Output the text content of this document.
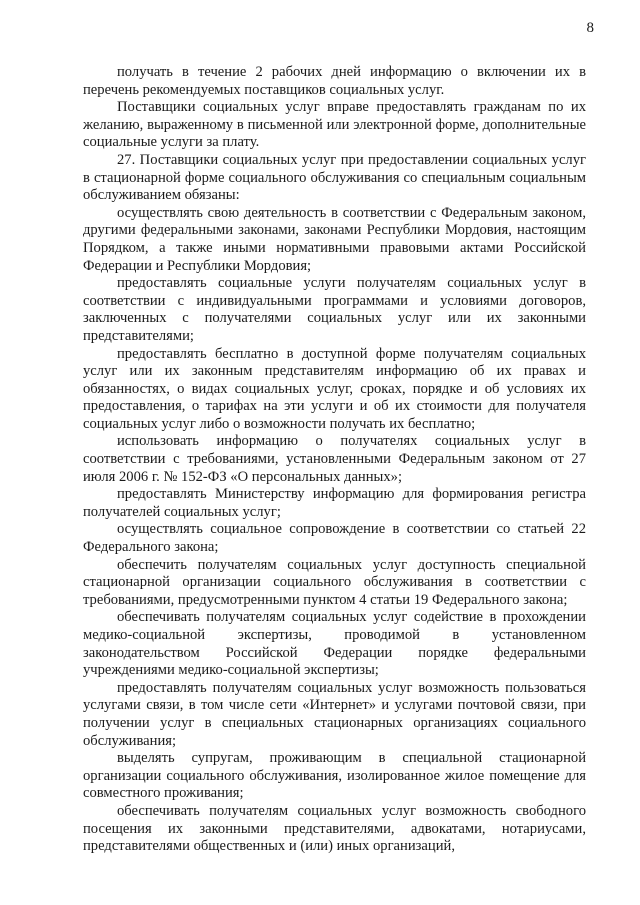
8

получать в течение 2 рабочих дней информацию о включении их в перечень рекомендуемых поставщиков социальных услуг.

Поставщики социальных услуг вправе предоставлять гражданам по их желанию, выраженному в письменной или электронной форме, дополнительные социальные услуги за плату.

27. Поставщики социальных услуг при предоставлении социальных услуг в стационарной форме социального обслуживания со специальным социальным обслуживанием обязаны:

осуществлять свою деятельность в соответствии с Федеральным законом, другими федеральными законами, законами Республики Мордовия, настоящим Порядком, а также иными нормативными правовыми актами Российской Федерации и Республики Мордовия;

предоставлять социальные услуги получателям социальных услуг в соответствии с индивидуальными программами и условиями договоров, заключенных с получателями социальных услуг или их законными представителями;

предоставлять бесплатно в доступной форме получателям социальных услуг или их законным представителям информацию об их правах и обязанностях, о видах социальных услуг, сроках, порядке и об условиях их предоставления, о тарифах на эти услуги и об их стоимости для получателя социальных услуг либо о возможности получать их бесплатно;

использовать информацию о получателях социальных услуг в соответствии с требованиями, установленными Федеральным законом от 27 июля 2006 г. № 152-ФЗ «О персональных данных»;

предоставлять Министерству информацию для формирования регистра получателей социальных услуг;

осуществлять социальное сопровождение в соответствии со статьей 22 Федерального закона;

обеспечить получателям социальных услуг доступность специальной стационарной организации социального обслуживания в соответствии с требованиями, предусмотренными пунктом 4 статьи 19 Федерального закона;

обеспечивать получателям социальных услуг содействие в прохождении медико-социальной экспертизы, проводимой в установленном законодательством Российской Федерации порядке федеральными учреждениями медико-социальной экспертизы;

предоставлять получателям социальных услуг возможность пользоваться услугами связи, в том числе сети «Интернет» и услугами почтовой связи, при получении услуг в специальных стационарных организациях социального обслуживания;

выделять супругам, проживающим в специальной стационарной организации социального обслуживания, изолированное жилое помещение для совместного проживания;

обеспечивать получателям социальных услуг возможность свободного посещения их законными представителями, адвокатами, нотариусами, представителями общественных и (или) иных организаций,
